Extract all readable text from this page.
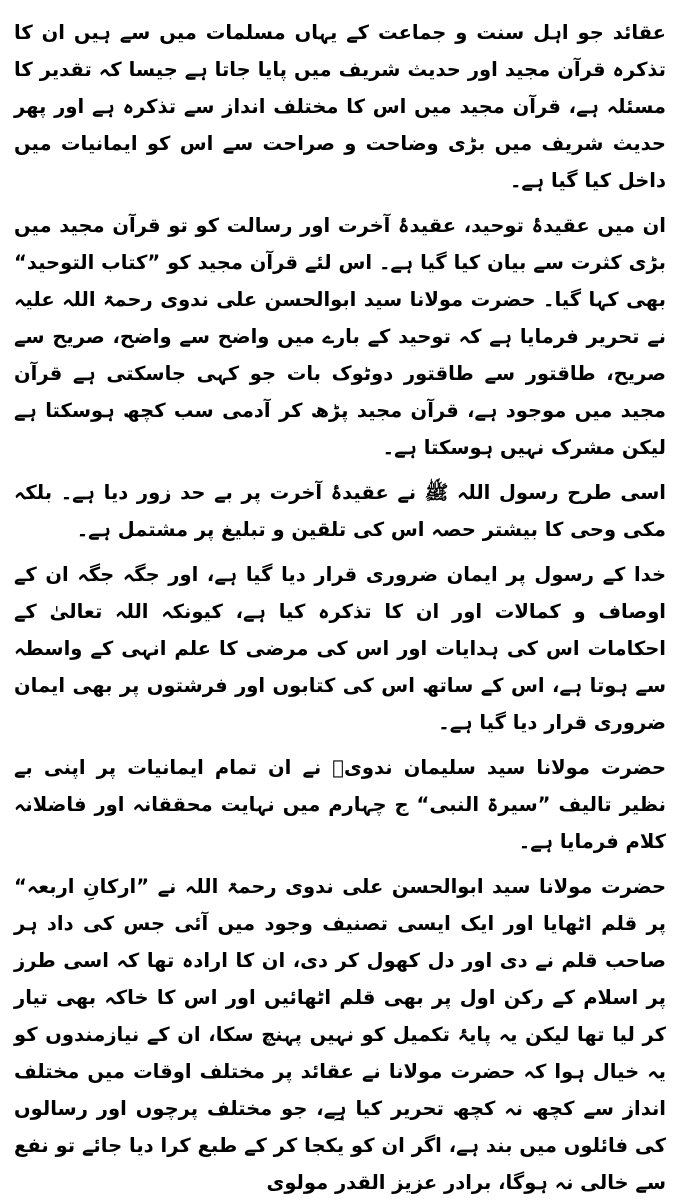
عقائد جو اہل سنت و جماعت کے یہاں مسلمات میں سے ہیں ان کا تذکرہ قرآن مجید اور حدیث شریف میں پایا جاتا ہے جیسا کہ تقدیر کا مسئلہ ہے، قرآن مجید میں اس کا مختلف انداز سے تذکرہ ہے اور پھر حدیث شریف میں بڑی وضاحت و صراحت سے اس کو ایمانیات میں داخل کیا گیا ہے۔

ان میں عقیدۂ توحید، عقیدۂ آخرت اور رسالت کو تو قرآن مجید میں بڑی کثرت سے بیان کیا گیا ہے۔ اس لئے قرآن مجید کو ”کتاب التوحید“ بھی کہا گیا۔ حضرت مولانا سید ابوالحسن علی ندوی رحمۃ اللہ علیہ نے تحریر فرمایا ہے کہ توحید کے بارے میں واضح سے واضح، صریح سے صریح، طاقتور سے طاقتور دوٹوک بات جو کہی جاسکتی ہے قرآن مجید میں موجود ہے، قرآن مجید پڑھ کر آدمی سب کچھ ہوسکتا ہے لیکن مشرک نہیں ہوسکتا ہے۔

اسی طرح رسول اللہ ﷺ نے عقیدۂ آخرت پر بے حد زور دیا ہے۔ بلکہ مکی وحی کا بیشتر حصہ اس کی تلقین و تبلیغ پر مشتمل ہے۔

خدا کے رسول پر ایمان ضروری قرار دیا گیا ہے، اور جگہ جگہ ان کے اوصاف و کمالات اور ان کا تذکرہ کیا ہے، کیونکہ اللہ تعالیٰ کے احکامات اس کی ہدایات اور اس کی مرضی کا علم انہی کے واسطہ سے ہوتا ہے، اس کے ساتھ اس کی کتابوں اور فرشتوں پر بھی ایمان ضروری قرار دیا گیا ہے۔

حضرت مولانا سید سلیمان ندویؒ نے ان تمام ایمانیات پر اپنی بے نظیر تالیف ”سیرۃ النبی“ ج چہارم میں نہایت محققانہ اور فاضلانہ کلام فرمایا ہے۔

حضرت مولانا سید ابوالحسن علی ندوی رحمۃ اللہ نے ”ارکانِ اربعہ“ پر قلم اٹھایا اور ایک ایسی تصنیف وجود میں آئی جس کی داد ہر صاحب قلم نے دی اور دل کھول کر دی، ان کا ارادہ تھا کہ اسی طرز پر اسلام کے رکن اول پر بھی قلم اٹھائیں اور اس کا خاکہ بھی تیار کر لیا تھا لیکن یہ پایۂ تکمیل کو نہیں پہنچ سکا، ان کے نیازمندوں کو یہ خیال ہوا کہ حضرت مولانا نے عقائد پر مختلف اوقات میں مختلف انداز سے کچھ نہ کچھ تحریر کیا ہے، جو مختلف پرچوں اور رسالوں کی فائلوں میں بند ہے، اگر ان کو یکجا کر کے طبع کرا دیا جائے تو نفع سے خالی نہ ہوگا، برادر عزیز القدر مولوی
